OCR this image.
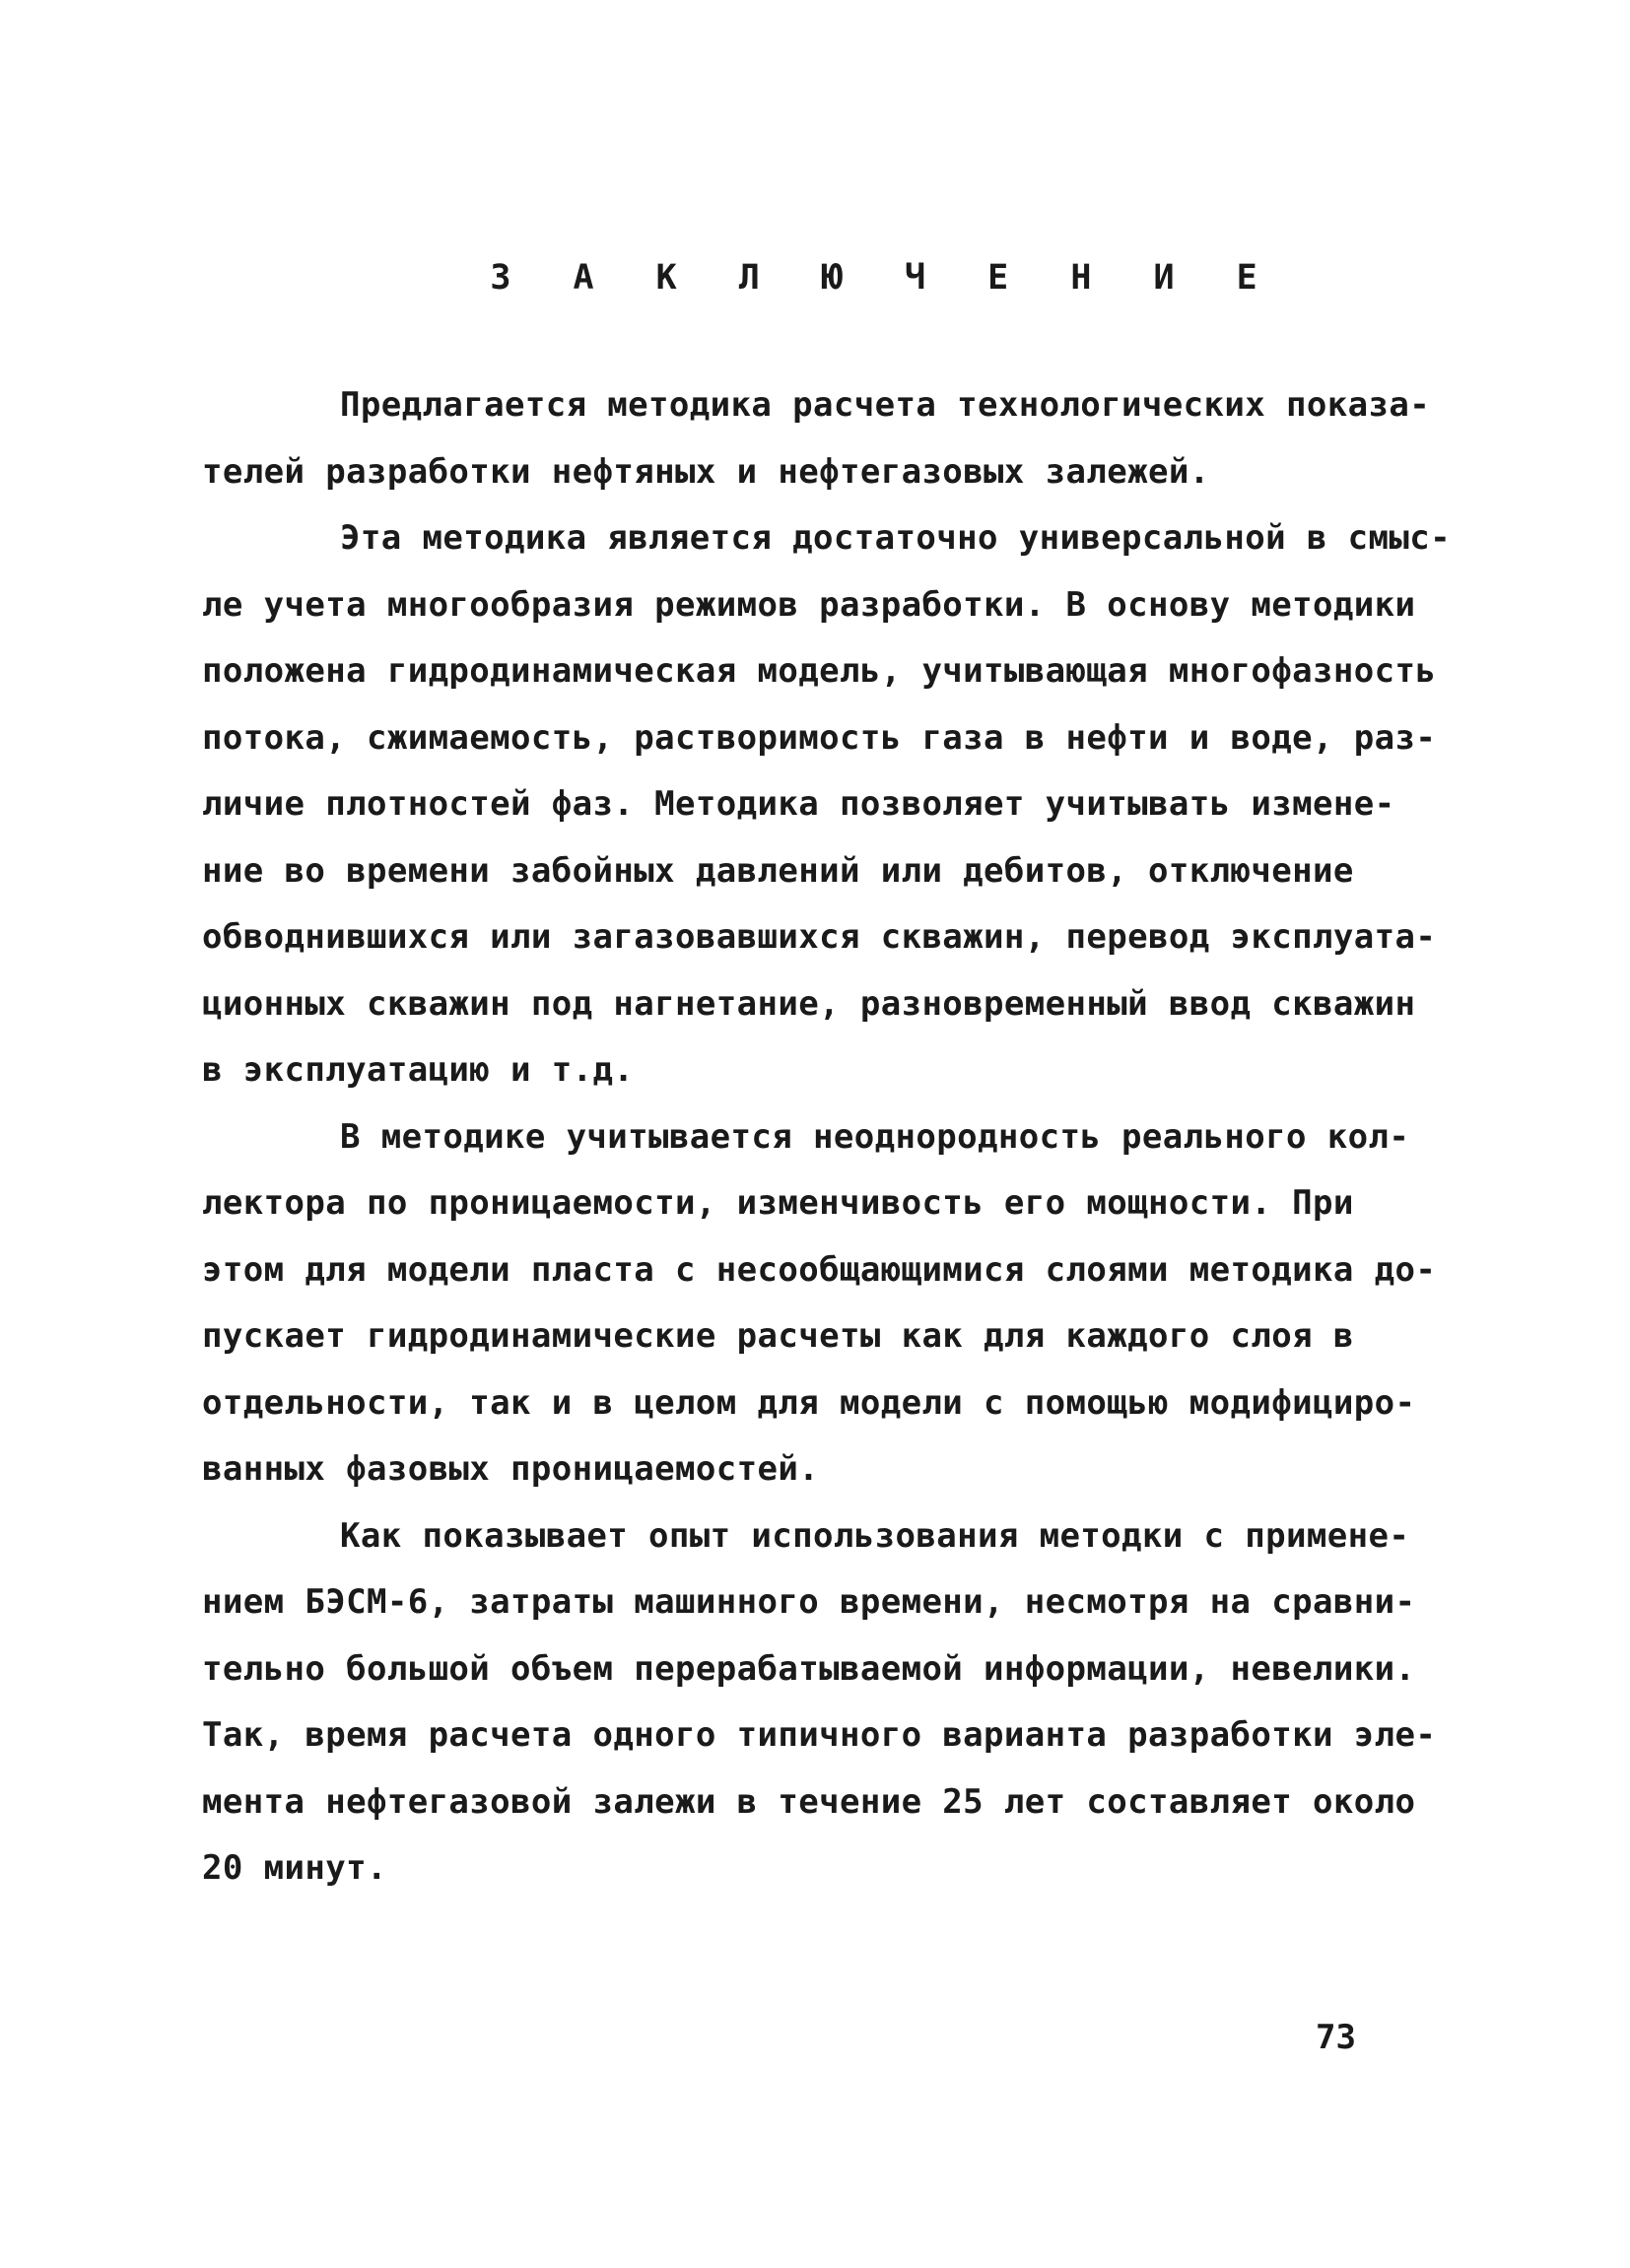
З А К Л Ю Ч Е Н И Е
Предлагается методика расчета технологических показа-
телей разработки нефтяных и нефтегазовых залежей.
Эта методика является достаточно универсальной в смыс-
ле учета многообразия режимов разработки. В основу методики
положена гидродинамическая модель, учитывающая многофазность
потока, сжимаемость, растворимость газа в нефти и воде, раз-
личие плотностей фаз. Методика позволяет учитывать измене-
ние во времени забойных давлений или дебитов, отключение
обводнившихся или загазовавшихся скважин, перевод эксплуата-
ционных скважин под нагнетание, разновременный ввод скважин
в эксплуатацию и т.д.
В методике учитывается неоднородность реального кол-
лектора по проницаемости, изменчивость его мощности. При
этом для модели пласта с несообщающимися слоями методика до-
пускает гидродинамические расчеты как для каждого слоя в
отдельности, так и в целом для модели с помощью модифициро-
ванных фазовых проницаемостей.
Как показывает опыт использования методки с примене-
нием БЭСМ-6, затраты машинного времени, несмотря на сравни-
тельно большой объем перерабатываемой информации, невелики.
Так, время расчета одного типичного варианта разработки эле-
мента нефтегазовой залежи в течение 25 лет составляет около
20 минут.
73
